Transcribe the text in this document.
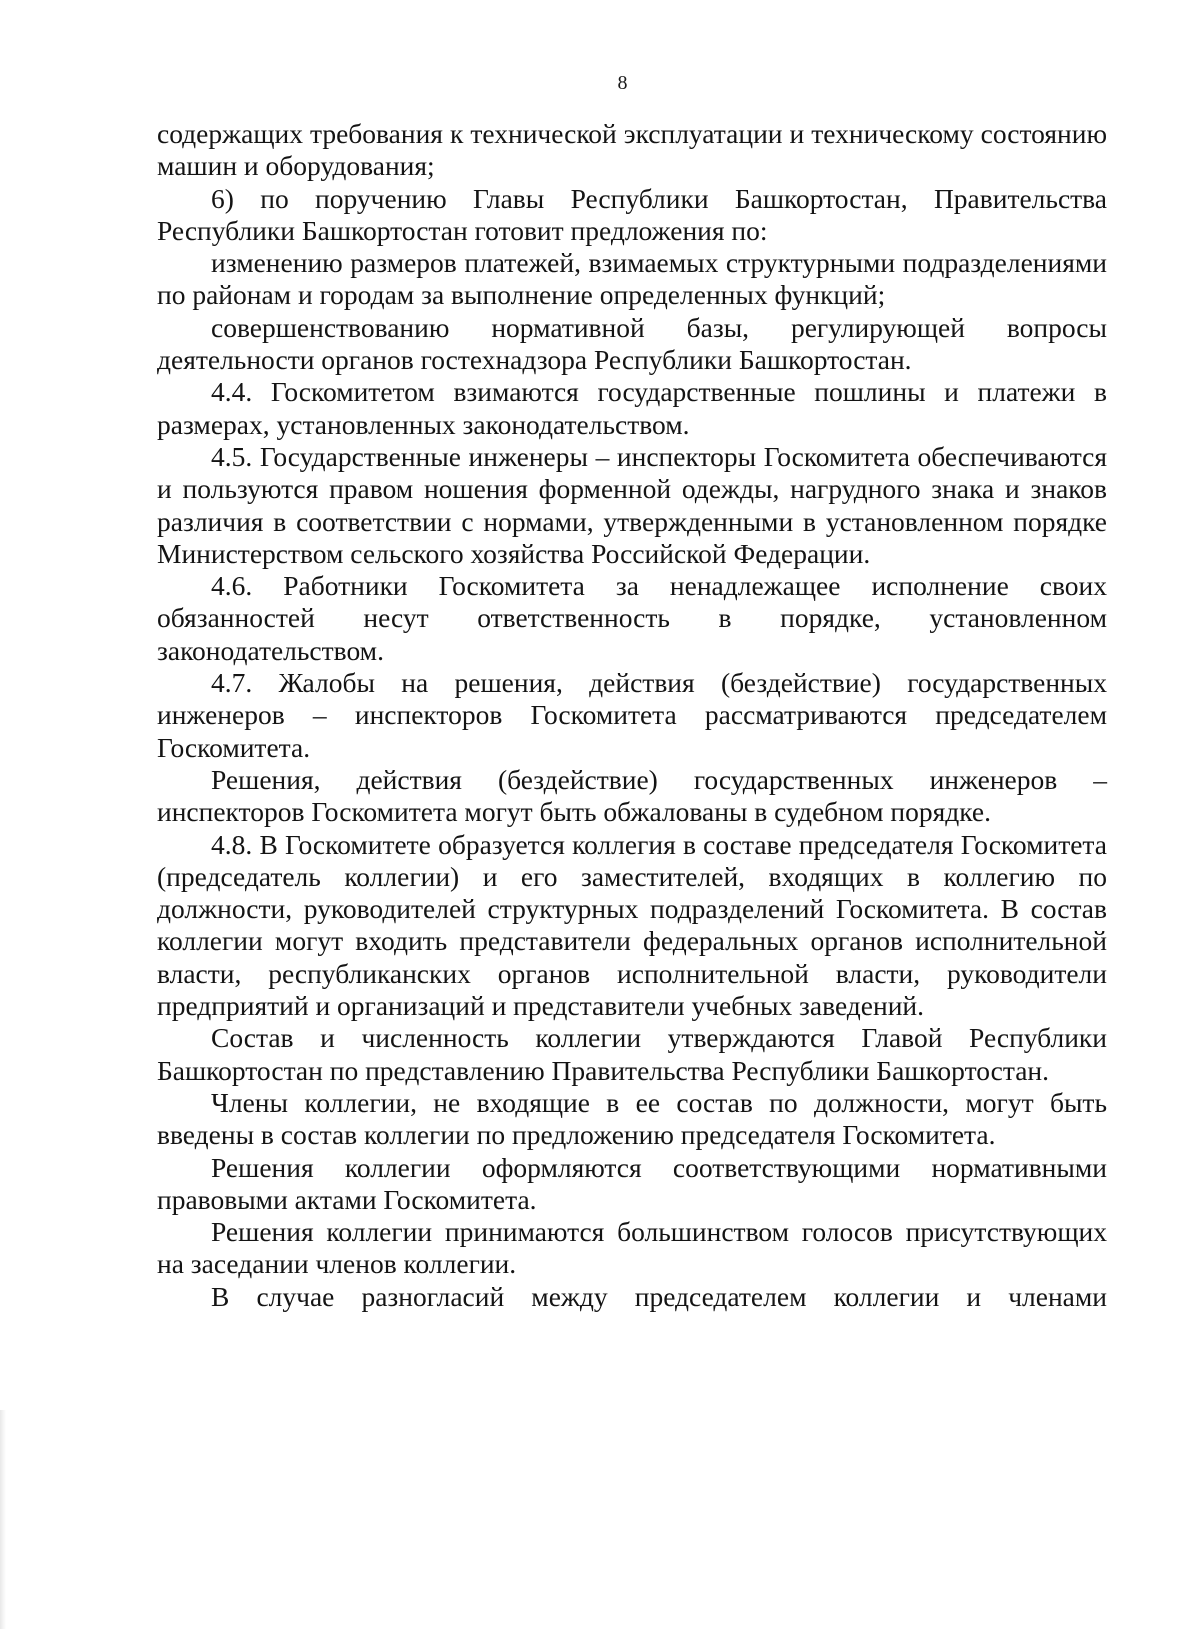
8

содержащих требования к технической эксплуатации и техническому состоянию машин и оборудования;

6) по поручению Главы Республики Башкортостан, Правительства Республики Башкортостан готовит предложения по:

изменению размеров платежей, взимаемых структурными подразделениями по районам и городам за выполнение определенных функций;

совершенствованию нормативной базы, регулирующей вопросы деятельности органов гостехнадзора Республики Башкортостан.

4.4. Госкомитетом взимаются государственные пошлины и платежи в размерах, установленных законодательством.

4.5. Государственные инженеры – инспекторы Госкомитета обеспечиваются и пользуются правом ношения форменной одежды, нагрудного знака и знаков различия в соответствии с нормами, утвержденными в установленном порядке Министерством сельского хозяйства Российской Федерации.

4.6. Работники Госкомитета за ненадлежащее исполнение своих обязанностей несут ответственность в порядке, установленном законодательством.

4.7. Жалобы на решения, действия (бездействие) государственных инженеров – инспекторов Госкомитета рассматриваются председателем Госкомитета.

Решения, действия (бездействие) государственных инженеров – инспекторов Госкомитета могут быть обжалованы в судебном порядке.

4.8. В Госкомитете образуется коллегия в составе председателя Госкомитета (председатель коллегии) и его заместителей, входящих в коллегию по должности, руководителей структурных подразделений Госкомитета. В состав коллегии могут входить представители федеральных органов исполнительной власти, республиканских органов исполнительной власти, руководители предприятий и организаций и представители учебных заведений.

Состав и численность коллегии утверждаются Главой Республики Башкортостан по представлению Правительства Республики Башкортостан.

Члены коллегии, не входящие в ее состав по должности, могут быть введены в состав коллегии по предложению председателя Госкомитета.

Решения коллегии оформляются соответствующими нормативными правовыми актами Госкомитета.

Решения коллегии принимаются большинством голосов присутствующих на заседании членов коллегии.

В случае разногласий между председателем коллегии и членами
